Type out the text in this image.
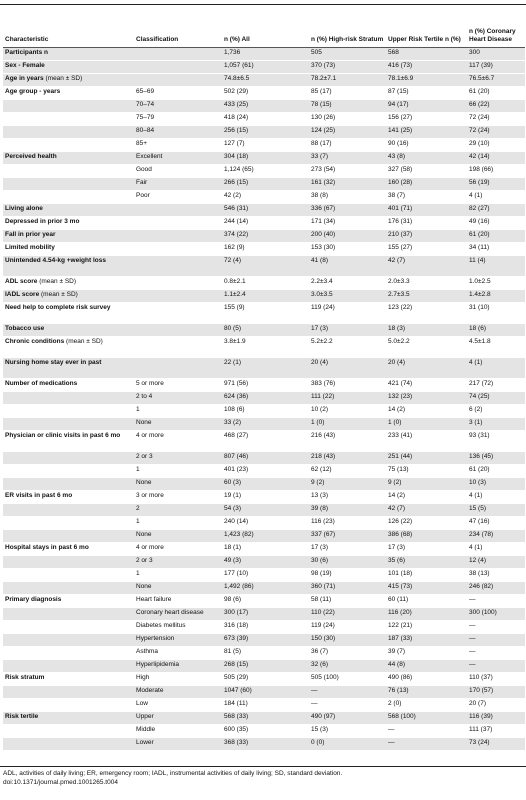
Characteristic	Classification	n (%) All	n (%) High-risk Stratum	Upper Risk Tertile n (%)	n (%) Coronary Heart Disease
Participants n		1,736	505	568	300
Sex - Female		1,057 (61)	370 (73)	416 (73)	117 (39)
Age in years (mean ± SD)		74.8±6.5	78.2±7.1	78.1±6.9	76.5±6.7
Age group - years	65–69	502 (29)	85 (17)	87 (15)	61 (20)
	70–74	433 (25)	78 (15)	94 (17)	66 (22)
	75–79	418 (24)	130 (26)	156 (27)	72 (24)
	80–84	256 (15)	124 (25)	141 (25)	72 (24)
	85+	127 (7)	88 (17)	90 (16)	29 (10)
Perceived health	Excellent	304 (18)	33 (7)	43 (8)	42 (14)
	Good	1,124 (65)	273 (54)	327 (58)	198 (66)
	Fair	266 (15)	161 (32)	160 (28)	56 (19)
	Poor	42 (2)	38 (8)	38 (7)	4 (1)
Living alone		546 (31)	336 (67)	401 (71)	82 (27)
Depressed in prior 3 mo		244 (14)	171 (34)	176 (31)	49 (16)
Fall in prior year		374 (22)	200 (40)	210 (37)	61 (20)
Limited mobility		162 (9)	153 (30)	155 (27)	34 (11)
Unintended 4.54-kg +weight loss		72 (4)	41 (8)	42 (7)	11 (4)
ADL score (mean ± SD)		0.8±2.1	2.2±3.4	2.0±3.3	1.0±2.5
IADL score (mean ± SD)		1.1±2.4	3.0±3.5	2.7±3.5	1.4±2.8
Need help to complete risk survey		155 (9)	119 (24)	123 (22)	31 (10)
Tobacco use		80 (5)	17 (3)	18 (3)	18 (6)
Chronic conditions (mean ± SD)		3.8±1.9	5.2±2.2	5.0±2.2	4.5±1.8
Nursing home stay ever in past		22 (1)	20 (4)	20 (4)	4 (1)
Number of medications	5 or more	971 (56)	383 (76)	421 (74)	217 (72)
	2 to 4	624 (36)	111 (22)	132 (23)	74 (25)
	1	108 (6)	10 (2)	14 (2)	6 (2)
	None	33 (2)	1 (0)	1 (0)	3 (1)
Physician or clinic visits in past 6 mo	4 or more	468 (27)	216 (43)	233 (41)	93 (31)
	2 or 3	807 (46)	218 (43)	251 (44)	136 (45)
	1	401 (23)	62 (12)	75 (13)	61 (20)
	None	60 (3)	9 (2)	9 (2)	10 (3)
ER visits in past 6 mo	3 or more	19 (1)	13 (3)	14 (2)	4 (1)
	2	54 (3)	39 (8)	42 (7)	15 (5)
	1	240 (14)	116 (23)	126 (22)	47 (16)
	None	1,423 (82)	337 (67)	386 (68)	234 (78)
Hospital stays in past 6 mo	4 or more	18 (1)	17 (3)	17 (3)	4 (1)
	2 or 3	49 (3)	30 (6)	35 (6)	12 (4)
	1	177 (10)	98 (19)	101 (18)	38 (13)
	None	1,492 (86)	360 (71)	415 (73)	246 (82)
Primary diagnosis	Heart failure	98 (6)	58 (11)	60 (11)	—
	Coronary heart disease	300 (17)	110 (22)	116 (20)	300 (100)
	Diabetes mellitus	316 (18)	119 (24)	122 (21)	—
	Hypertension	673 (39)	150 (30)	187 (33)	—
	Asthma	81 (5)	36 (7)	39 (7)	—
	Hyperlipidemia	268 (15)	32 (6)	44 (8)	—
Risk stratum	High	505 (29)	505 (100)	490 (86)	110 (37)
	Moderate	1047 (60)	—	76 (13)	170 (57)
	Low	184 (11)	—	2 (0)	20 (7)
Risk tertile	Upper	568 (33)	490 (97)	568 (100)	116 (39)
	Middle	600 (35)	15 (3)	—	111 (37)
	Lower	368 (33)	0 (0)	—	73 (24)
ADL, activities of daily living; ER, emergency room; IADL, instrumental activities of daily living; SD, standard deviation.
doi:10.1371/journal.pmed.1001265.t004
